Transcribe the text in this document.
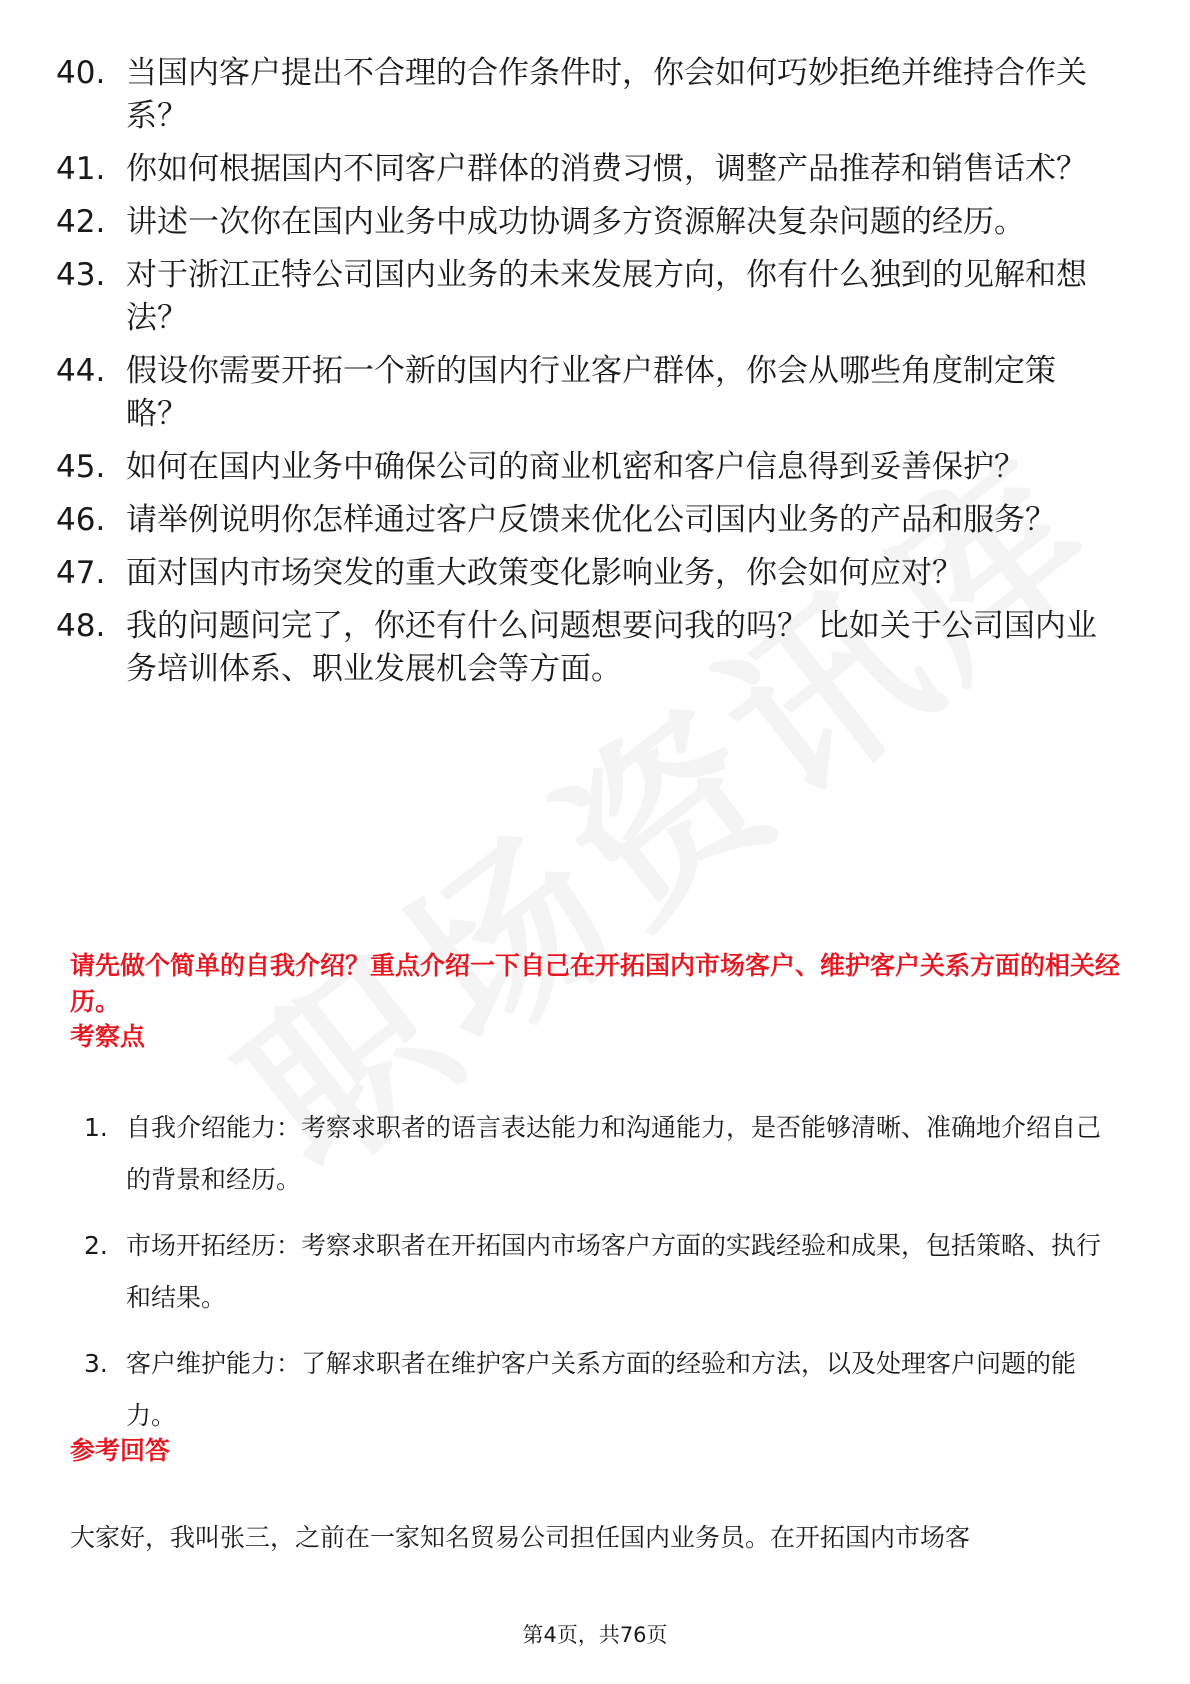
40. 当国内客户提出不合理的合作条件时，你会如何巧妙拒绝并维持合作关系？
41. 你如何根据国内不同客户群体的消费习惯，调整产品推荐和销售话术？
42. 讲述一次你在国内业务中成功协调多方资源解决复杂问题的经历。
43. 对于浙江正特公司国内业务的未来发展方向，你有什么独到的见解和想法？
44. 假设你需要开拓一个新的国内行业客户群体，你会从哪些角度制定策略？
45. 如何在国内业务中确保公司的商业机密和客户信息得到妥善保护？
46. 请举例说明你怎样通过客户反馈来优化公司国内业务的产品和服务？
47. 面对国内市场突发的重大政策变化影响业务，你会如何应对？
48. 我的问题问完了，你还有什么问题想要问我的吗？ 比如关于公司国内业务培训体系、职业发展机会等方面。
请先做个简单的自我介绍？重点介绍一下自己在开拓国内市场客户、维护客户关系方面的相关经历。
考察点
1. 自我介绍能力：考察求职者的语言表达能力和沟通能力，是否能够清晰、准确地介绍自己的背景和经历。
2. 市场开拓经历：考察求职者在开拓国内市场客户方面的实践经验和成果，包括策略、执行和结果。
3. 客户维护能力：了解求职者在维护客户关系方面的经验和方法，以及处理客户问题的能力。
参考回答
大家好，我叫张三，之前在一家知名贸易公司担任国内业务员。在开拓国内市场客
第4页，共76页
